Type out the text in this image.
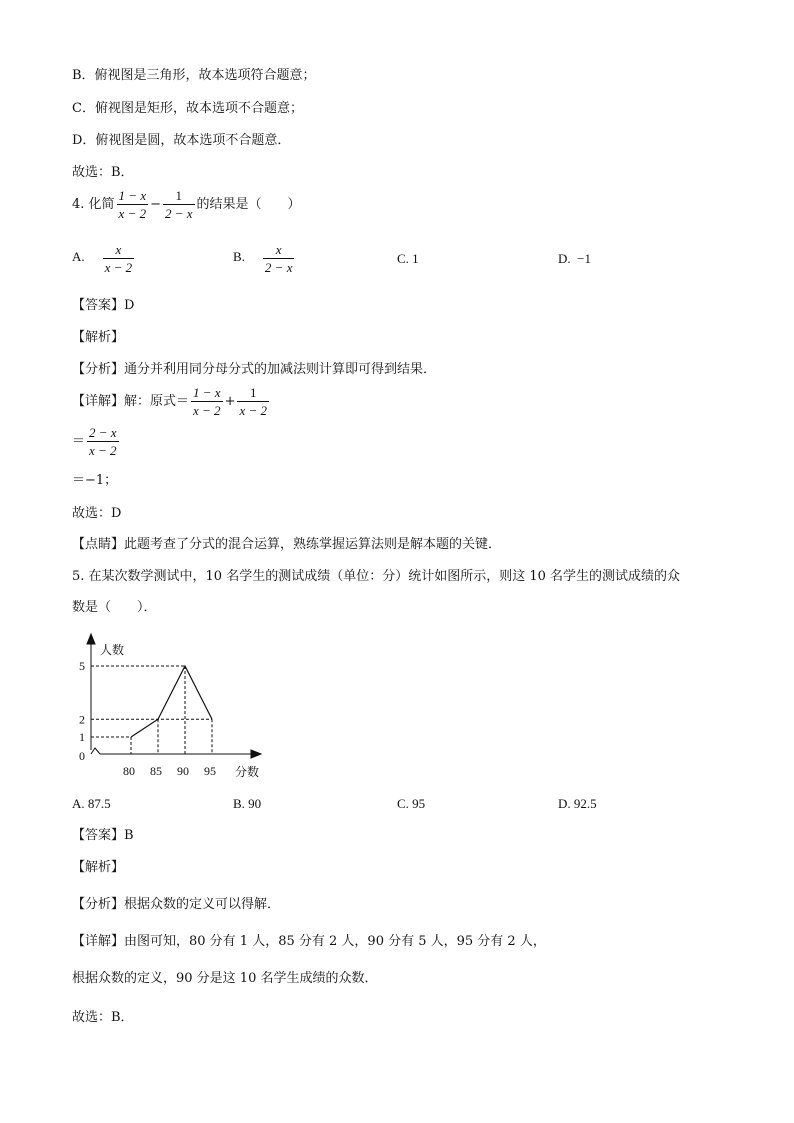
B．俯视图是三角形，故本选项符合题意；
C．俯视图是矩形，故本选项不合题意；
D．俯视图是圆，故本选项不合题意．
故选：B．
4. 化简 $\frac{1 - x}{x - 2} - \frac{1}{2 - x}$ 的结果是（　　）
A. $\frac{x}{x - 2}$	B. $\frac{x}{2 - x}$	C. 1	D. −1
【答案】D
【解析】
【分析】通分并利用同分母分式的加减法则计算即可得到结果．
【详解】解：原式＝ $\frac{1 - x}{x - 2} + \frac{1}{x - 2}$
＝ $\frac{2 - x}{x - 2}$
＝−1；
故选：D
【点睛】此题考查了分式的混合运算，熟练掌握运算法则是解本题的关键．
5. 在某次数学测试中，10 名学生的测试成绩（单位：分）统计如图所示，则这 10 名学生的测试成绩的众
数是（　　）．
80 85 90 95
1
2
5
人数
分数
0
A. 87.5	B. 90	C. 95	D. 92.5
【答案】B
【解析】
【分析】根据众数的定义可以得解．
【详解】由图可知，80 分有 1 人，85 分有 2 人，90 分有 5 人，95 分有 2 人，
根据众数的定义，90 分是这 10 名学生成绩的众数．
故选：B．
